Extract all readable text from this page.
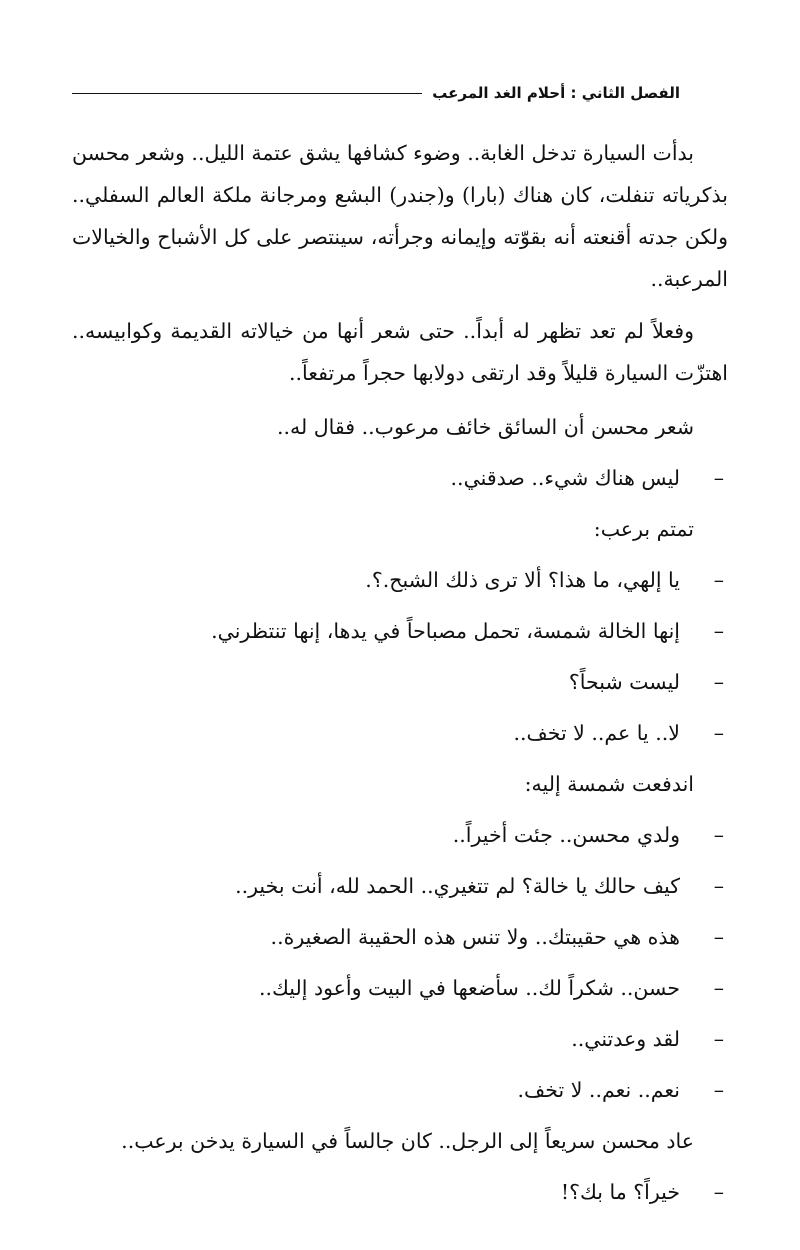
الفصل الثاني : أحلام الغد المرعب

بدأت السيارة تدخل الغابة.. وضوء كشافها يشق عتمة الليل.. وشعر محسن بذكرياته تنفلت، كان هناك (بارا) و(جندر) البشع ومرجانة ملكة العالم السفلي.. ولكن جدته أقنعته أنه بقوّته وإيمانه وجرأته، سينتصر على كل الأشباح والخيالات المرعبة..

وفعلاً لم تعد تظهر له أبداً.. حتى شعر أنها من خيالاته القديمة وكوابيسه.. اهتزّت السيارة قليلاً وقد ارتقى دولابها حجراً مرتفعاً..

شعر محسن أن السائق خائف مرعوب.. فقال له..
–
ليس هناك شيء.. صدقني..
تمتم برعب:
–
يا إلهي، ما هذا؟ ألا ترى ذلك الشبح.؟.
–
إنها الخالة شمسة، تحمل مصباحاً في يدها، إنها تنتظرني.
–
ليست شبحاً؟
–
لا.. يا عم.. لا تخف..
اندفعت شمسة إليه:
–
ولدي محسن.. جئت أخيراً..
–
كيف حالك يا خالة؟ لم تتغيري.. الحمد لله، أنت بخير..
–
هذه هي حقيبتك.. ولا تنس هذه الحقيبة الصغيرة..
–
حسن.. شكراً لك.. سأضعها في البيت وأعود إليك..
–
لقد وعدتني..
–
نعم.. نعم.. لا تخف.
عاد محسن سريعاً إلى الرجل.. كان جالساً في السيارة يدخن برعب..
–
خيراً؟ ما بك؟!
